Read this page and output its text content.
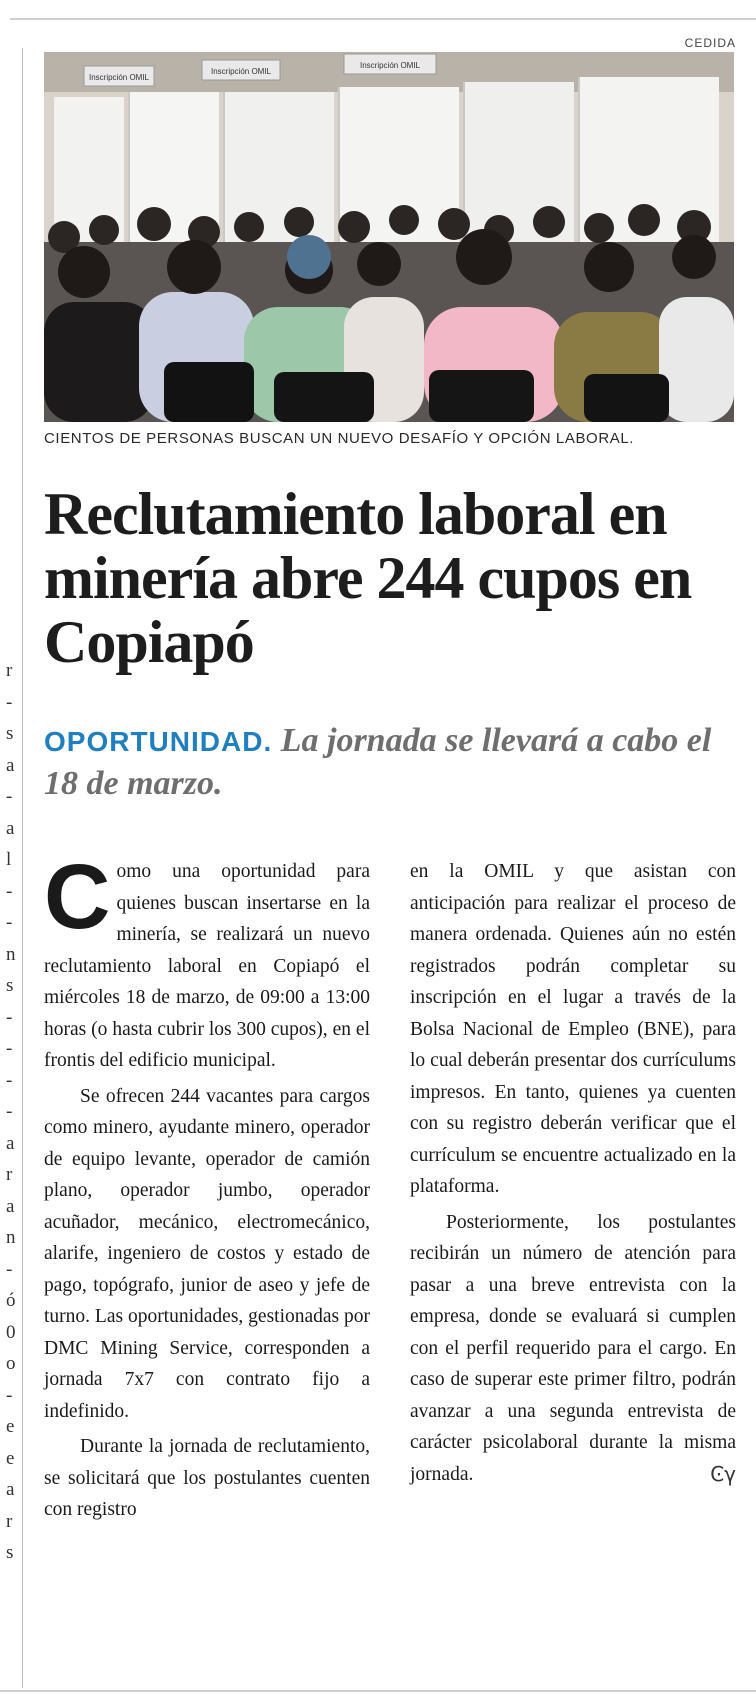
r
-
s
a
-
a
l
-
-
n
s
-
-
-
-
a
r
a
n
-
ó
0
o
-
e
e
a
r
s
CEDIDA
Inscripción OMIL
Inscripción OMIL
Inscripción OMIL
CIENTOS DE PERSONAS BUSCAN UN NUEVO DESAFÍO Y OPCIÓN LABORAL.
Reclutamiento laboral en minería abre 244 cupos en Copiapó

OPORTUNIDAD. La jornada se llevará a cabo el 18 de marzo.

Como una oportunidad para quienes buscan insertarse en la minería, se realizará un nuevo reclutamiento laboral en Copiapó el miércoles 18 de marzo, de 09:00 a 13:00 horas (o hasta cubrir los 300 cupos), en el frontis del edificio municipal.

Se ofrecen 244 vacantes para cargos como minero, ayudante minero, operador de equipo levante, operador de camión plano, operador jumbo, operador acuñador, mecánico, electromecánico, alarife, ingeniero de costos y estado de pago, topógrafo, junior de aseo y jefe de turno. Las oportunidades, gestionadas por DMC Mining Service, corresponden a jornada 7x7 con contrato fijo a indefinido.

Durante la jornada de reclutamiento, se solicitará que los postulantes cuenten con registro

en la OMIL y que asistan con anticipación para realizar el proceso de manera ordenada. Quienes aún no estén registrados podrán completar su inscripción en el lugar a través de la Bolsa Nacional de Empleo (BNE), para lo cual deberán presentar dos currículums impresos. En tanto, quienes ya cuenten con su registro deberán verificar que el currículum se encuentre actualizado en la plataforma.

Posteriormente, los postulantes recibirán un número de atención para pasar a una breve entrevista con la empresa, donde se evaluará si cumplen con el perfil requerido para el cargo. En caso de superar este primer filtro, podrán avanzar a una segunda entrevista de carácter psicolaboral durante la misma jornada.	Ͼγ
